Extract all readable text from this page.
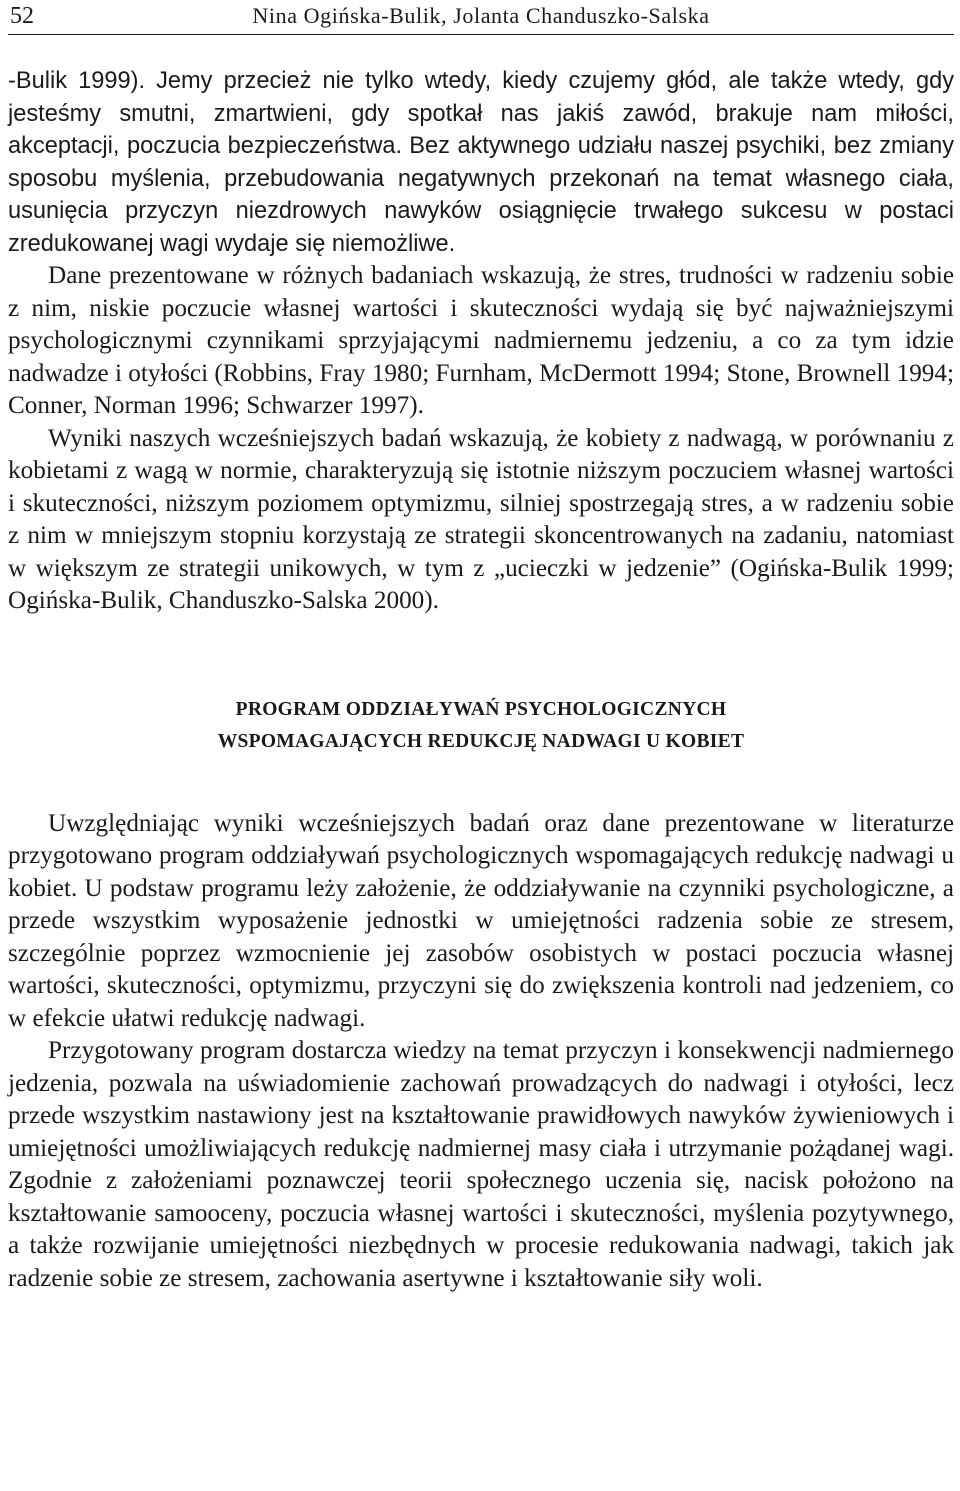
52	Nina Ogińska-Bulik, Jolanta Chanduszko-Salska

-Bulik 1999). Jemy przecież nie tylko wtedy, kiedy czujemy głód, ale także wtedy, gdy jesteśmy smutni, zmartwieni, gdy spotkał nas jakiś zawód, brakuje nam miłości, akceptacji, poczucia bezpieczeństwa. Bez aktywnego udziału naszej psychiki, bez zmiany sposobu myślenia, przebudowania negatywnych przekonań na temat własnego ciała, usunięcia przyczyn niezdrowych nawyków osiągnięcie trwałego sukcesu w postaci zredukowanej wagi wydaje się niemożliwe.

Dane prezentowane w różnych badaniach wskazują, że stres, trudności w radzeniu sobie z nim, niskie poczucie własnej wartości i skuteczności wydają się być najważniejszymi psychologicznymi czynnikami sprzyjającymi nadmiernemu jedzeniu, a co za tym idzie nadwadze i otyłości (Robbins, Fray 1980; Furnham, McDermott 1994; Stone, Brownell 1994; Conner, Norman 1996; Schwarzer 1997).

Wyniki naszych wcześniejszych badań wskazują, że kobiety z nadwagą, w porównaniu z kobietami z wagą w normie, charakteryzują się istotnie niższym poczuciem własnej wartości i skuteczności, niższym poziomem optymizmu, silniej spostrzegają stres, a w radzeniu sobie z nim w mniejszym stopniu korzystają ze strategii skoncentrowanych na zadaniu, natomiast w większym ze strategii unikowych, w tym z „ucieczki w jedzenie” (Ogińska-Bulik 1999; Ogińska-Bulik, Chanduszko-Salska 2000).

PROGRAM ODDZIAŁYWAŃ PSYCHOLOGICZNYCH
WSPOMAGAJĄCYCH REDUKCJĘ NADWAGI U KOBIET

Uwzględniając wyniki wcześniejszych badań oraz dane prezentowane w literaturze przygotowano program oddziaływań psychologicznych wspomagających redukcję nadwagi u kobiet. U podstaw programu leży założenie, że oddziaływanie na czynniki psychologiczne, a przede wszystkim wyposażenie jednostki w umiejętności radzenia sobie ze stresem, szczególnie poprzez wzmocnienie jej zasobów osobistych w postaci poczucia własnej wartości, skuteczności, optymizmu, przyczyni się do zwiększenia kontroli nad jedzeniem, co w efekcie ułatwi redukcję nadwagi.

Przygotowany program dostarcza wiedzy na temat przyczyn i konsekwencji nadmiernego jedzenia, pozwala na uświadomienie zachowań prowadzących do nadwagi i otyłości, lecz przede wszystkim nastawiony jest na kształtowanie prawidłowych nawyków żywieniowych i umiejętności umożliwiających redukcję nadmiernej masy ciała i utrzymanie pożądanej wagi. Zgodnie z założeniami poznawczej teorii społecznego uczenia się, nacisk położono na kształtowanie samooceny, poczucia własnej wartości i skuteczności, myślenia pozytywnego, a także rozwijanie umiejętności niezbędnych w procesie redukowania nadwagi, takich jak radzenie sobie ze stresem, zachowania asertywne i kształtowanie siły woli.
